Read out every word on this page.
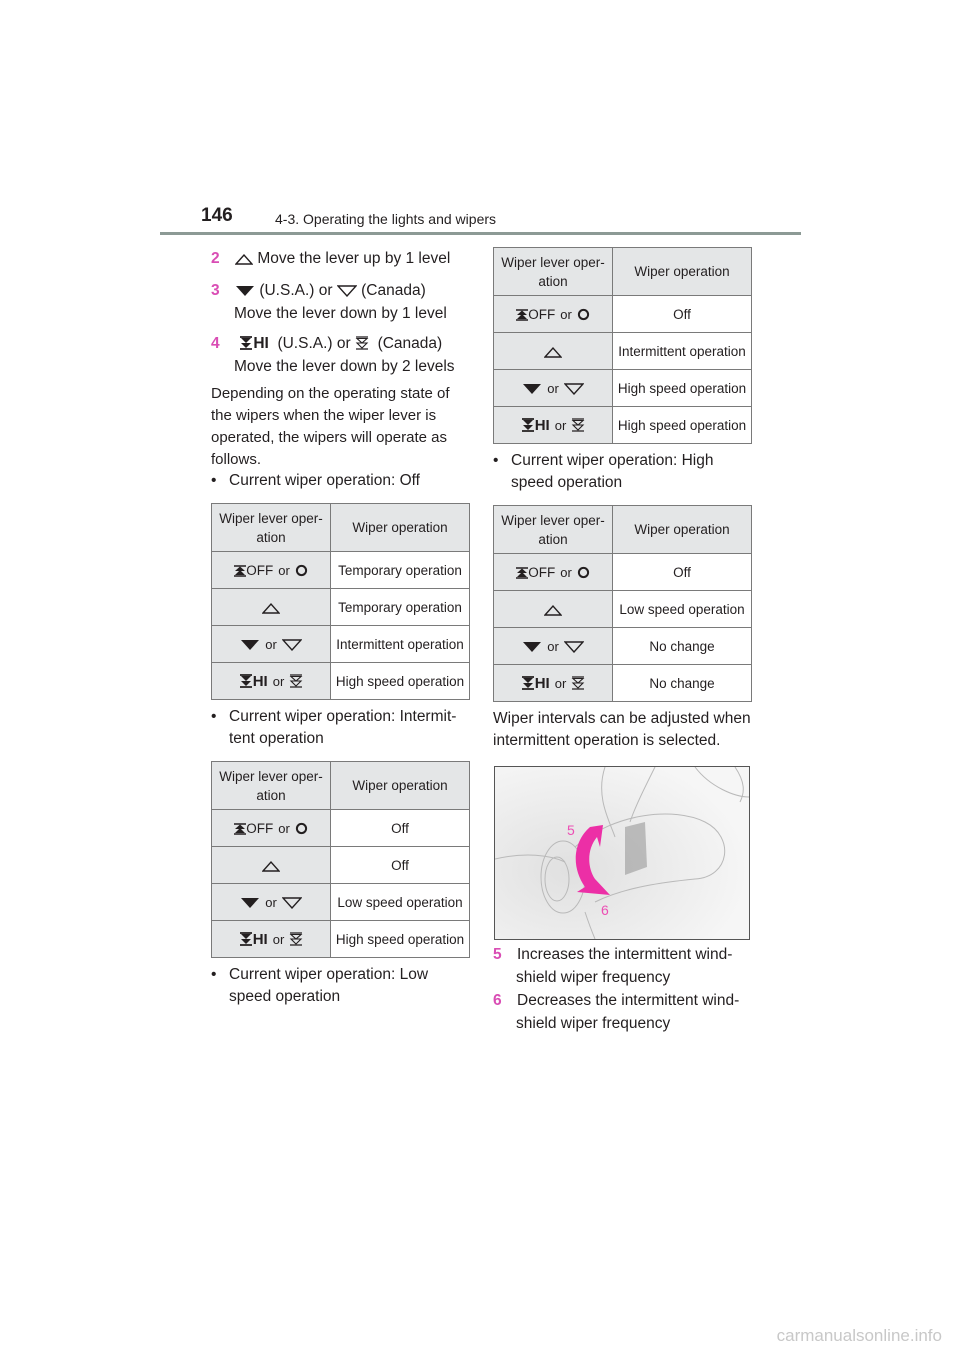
146	4-3. Operating the lights and wipers
2 Move the lever up by 1 level
3	(U.S.A.) or (Canada)
Move the lever down by 1 level
4 HI (U.S.A.) or (Canada)
Move the lever down by 2 levels
Depending on the operating state of
the wipers when the wiper lever is
operated, the wipers will operate as
follows.
• Current wiper operation: Off
• Current wiper operation: Intermit-
tent operation
• Current wiper operation: Low
speed operation
• Current wiper operation: High
speed operation
Wiper lever oper-
ation	Wiper operation
OFF or	Temporary operation
	Temporary operation
or	Intermittent operation
HI or	High speed operation
Wiper lever oper-
ation	Wiper operation
OFF or	Off
	Off
or	Low speed operation
HI or	High speed operation
Wiper lever oper-
ation	Wiper operation
OFF or	Off
	Intermittent operation
or	High speed operation
HI or	High speed operation
Wiper lever oper-
ation	Wiper operation
OFF or	Off
	Low speed operation
or	No change
HI or	No change
Wiper intervals can be adjusted when
intermittent operation is selected.
5
6
5 Increases the intermittent wind-
shield wiper frequency
6 Decreases the intermittent wind-
shield wiper frequency
carmanualsonline.info
